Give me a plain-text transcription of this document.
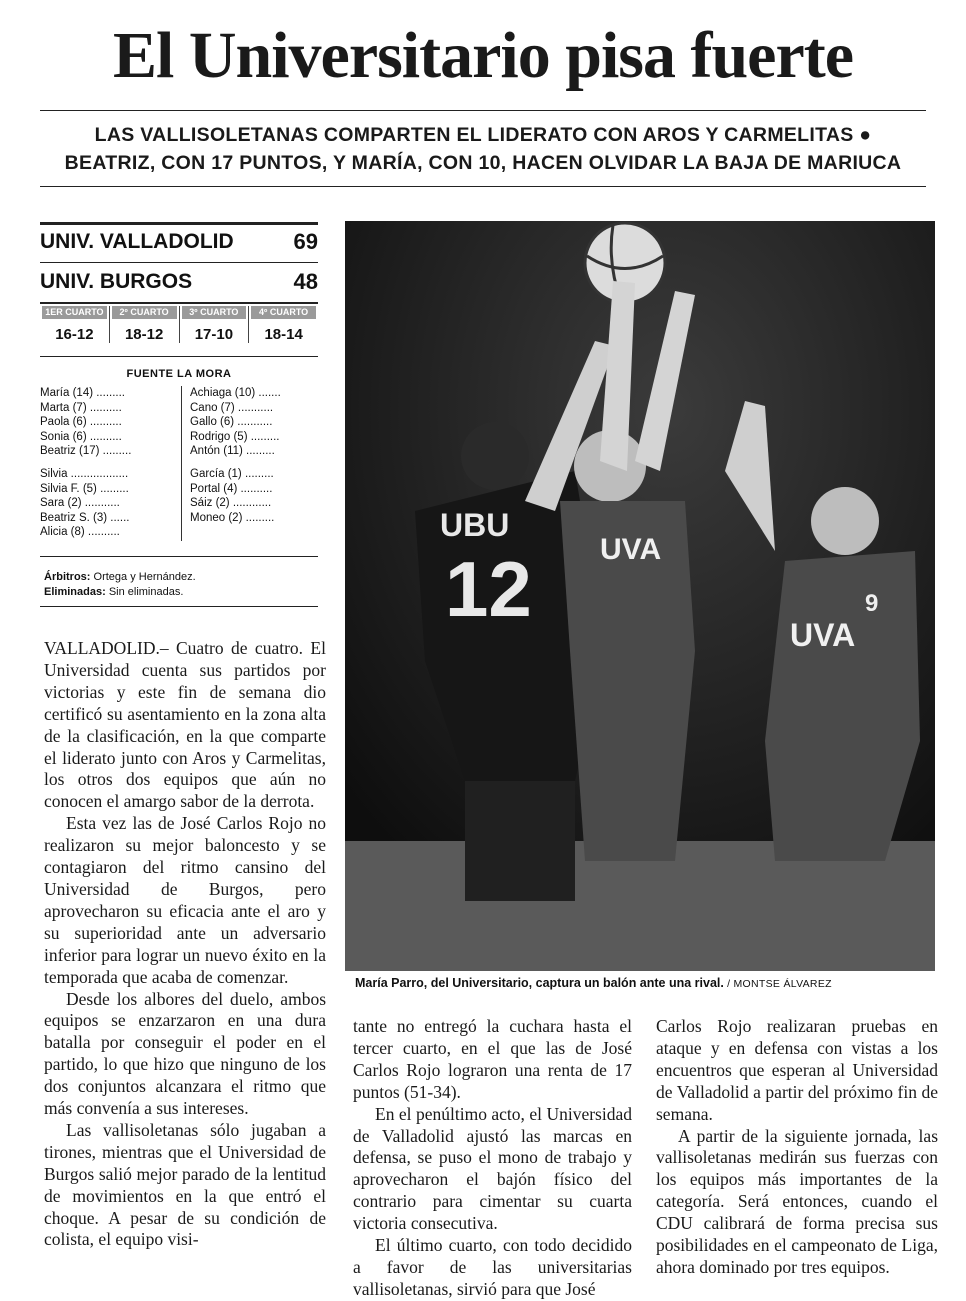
El Universitario pisa fuerte
LAS VALLISOLETANAS COMPARTEN EL LIDERATO CON AROS Y CARMELITAS ●
BEATRIZ, CON 17 PUNTOS, Y MARÍA, CON 10, HACEN OLVIDAR LA BAJA DE MARIUCA
UNIV. VALLADOLID	69
UNIV. BURGOS	48
1ER CUARTO
16-12
2º CUARTO
18-12
3º CUARTO
17-10
4º CUARTO
18-14
FUENTE LA MORA
María (14) .........
Marta (7) ..........
Paola (6) ..........
Sonia (6) ..........
Beatriz (17) .........
Silvia ..................
Silvia F. (5) .........
Sara (2) ...........
Beatriz S. (3) ......
Alicia (8) ..........
Achiaga (10) .......
Cano (7) ...........
Gallo (6) ...........
Rodrigo (5) .........
Antón (11) .........
García (1) .........
Portal (4) ..........
Sáiz (2) ............
Moneo (2) .........
Árbitros: Ortega y Hernández.
Eliminadas: Sin eliminadas.
UBU
12 UVA
UVA
9
María Parro, del Universitario, captura un balón ante una rival. / MONTSE ÁLVAREZ

VALLADOLID.– Cuatro de cuatro. El Universidad cuenta sus partidos por victorias y este fin de semana dio certificó su asentamiento en la zona alta de la clasificación, en la que comparte el liderato junto con Aros y Carmelitas, los otros dos equipos que aún no conocen el amargo sabor de la derrota.

Esta vez las de José Carlos Rojo no realizaron su mejor baloncesto y se contagiaron del ritmo cansino del Universidad de Burgos, pero aprovecharon su eficacia ante el aro y su superioridad ante un adversario inferior para lograr un nuevo éxito en la temporada que acaba de comenzar.

Desde los albores del duelo, ambos equipos se enzarzaron en una dura batalla por conseguir el poder en el partido, lo que hizo que ninguno de los dos conjuntos alcanzara el ritmo que más convenía a sus intereses.

Las vallisoletanas sólo jugaban a tirones, mientras que el Universidad de Burgos salió mejor parado de la lentitud de movimientos en la que entró el choque. A pesar de su condición de colista, el equipo visi-

tante no entregó la cuchara hasta el tercer cuarto, en el que las de José Carlos Rojo lograron una renta de 17 puntos (51-34).

En el penúltimo acto, el Universidad de Valladolid ajustó las marcas en defensa, se puso el mono de trabajo y aprovecharon el bajón físico del contrario para cimentar su cuarta victoria consecutiva.

El último cuarto, con todo decidido a favor de las universitarias vallisoletanas, sirvió para que José

Carlos Rojo realizaran pruebas en ataque y en defensa con vistas a los encuentros que esperan al Universidad de Valladolid a partir del próximo fin de semana.

A partir de la siguiente jornada, las vallisoletanas medirán sus fuerzas con los equipos más importantes de la categoría. Será entonces, cuando el CDU calibrará de forma precisa sus posibilidades en el campeonato de Liga, ahora dominado por tres equipos.
